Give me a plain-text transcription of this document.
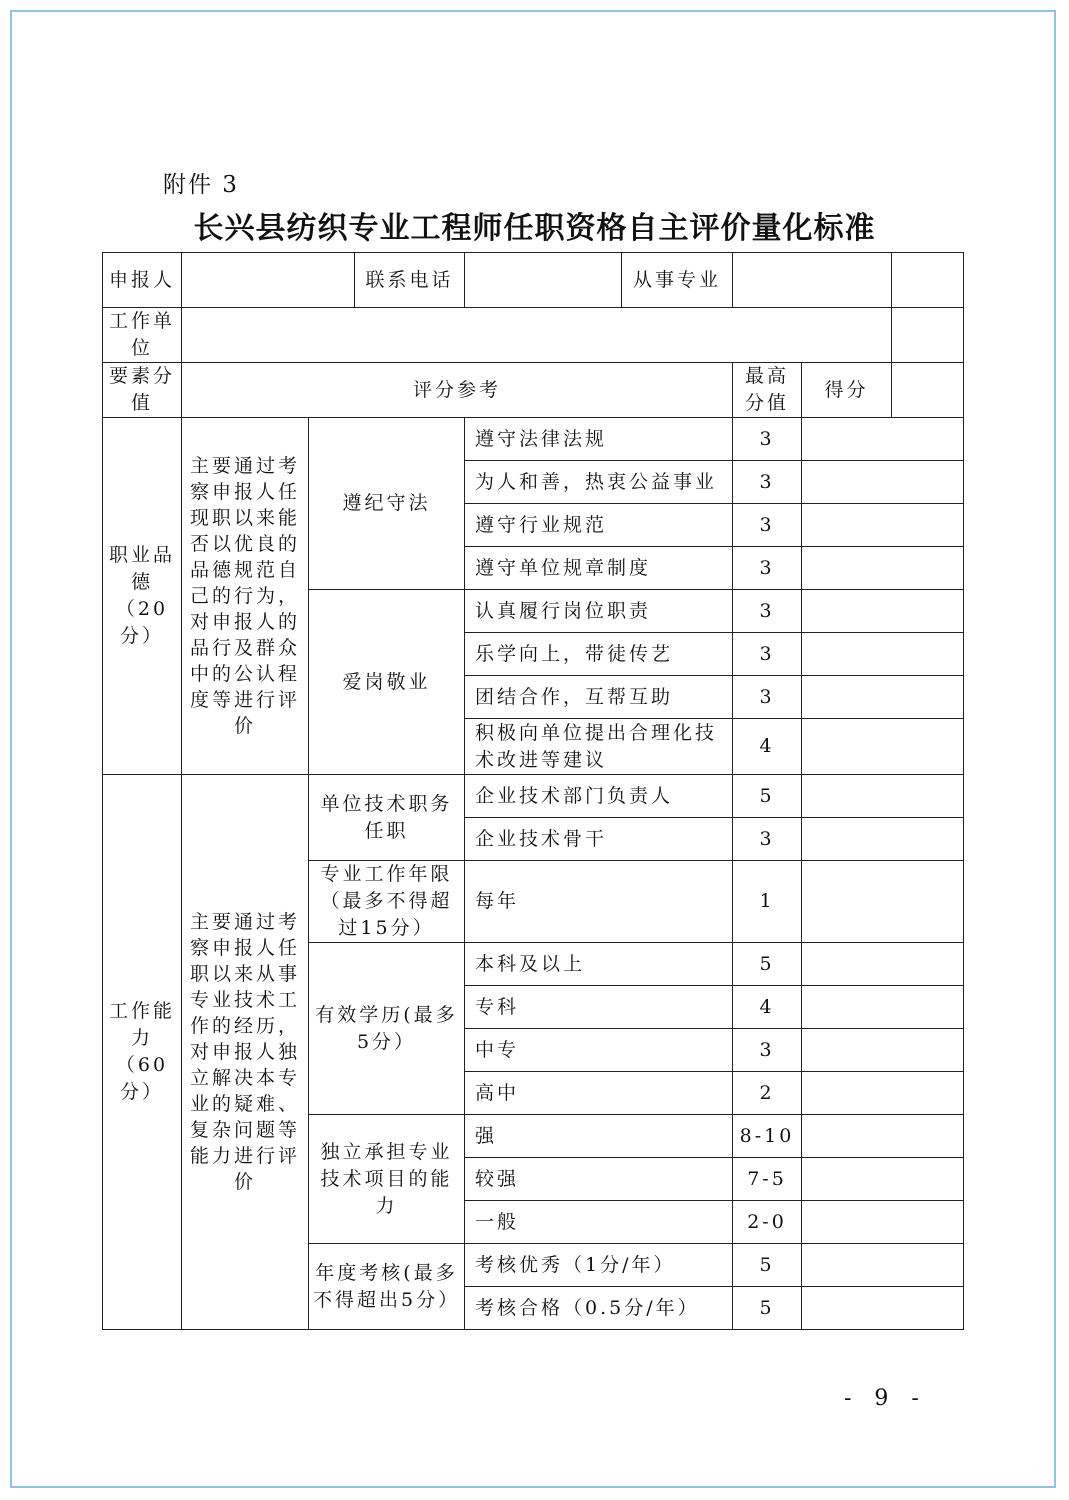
附件 3
长兴县纺织专业工程师任职资格自主评价量化标准
申报人			联系电话		从事专业			
工作单位								
要素分值	评分参考					最高分值	得分	
职业品德（20分）	主要通过考察申报人任现职以来能否以优良的品德规范自己的行为，对申报人的品行及群众中的公认程度等进行评价	遵纪守法		遵守法律法规		3		
				为人和善，热衷公益事业		3		
				遵守行业规范		3		
				遵守单位规章制度		3		
		爱岗敬业		认真履行岗位职责		3		
				乐学向上，带徒传艺		3		
				团结合作，互帮互助		3		
				积极向单位提出合理化技术改进等建议		4		
工作能力（60分）	主要通过考察申报人任职以来从事专业技术工作的经历，对申报人独立解决本专业的疑难、复杂问题等能力进行评价	单位技术职务任职		企业技术部门负责人		5		
				企业技术骨干		3		
		专业工作年限（最多不得超过15分）		每年		1		
		有效学历(最多5分）		本科及以上		5		
				专科		4		
				中专		3		
				高中		2		
		独立承担专业技术项目的能力		强		8-10		
				较强		7-5		
				一般		2-0		
		年度考核(最多不得超出5分）		考核优秀（1分/年）		5		
				考核合格（0.5分/年）		5		
- 9 -
